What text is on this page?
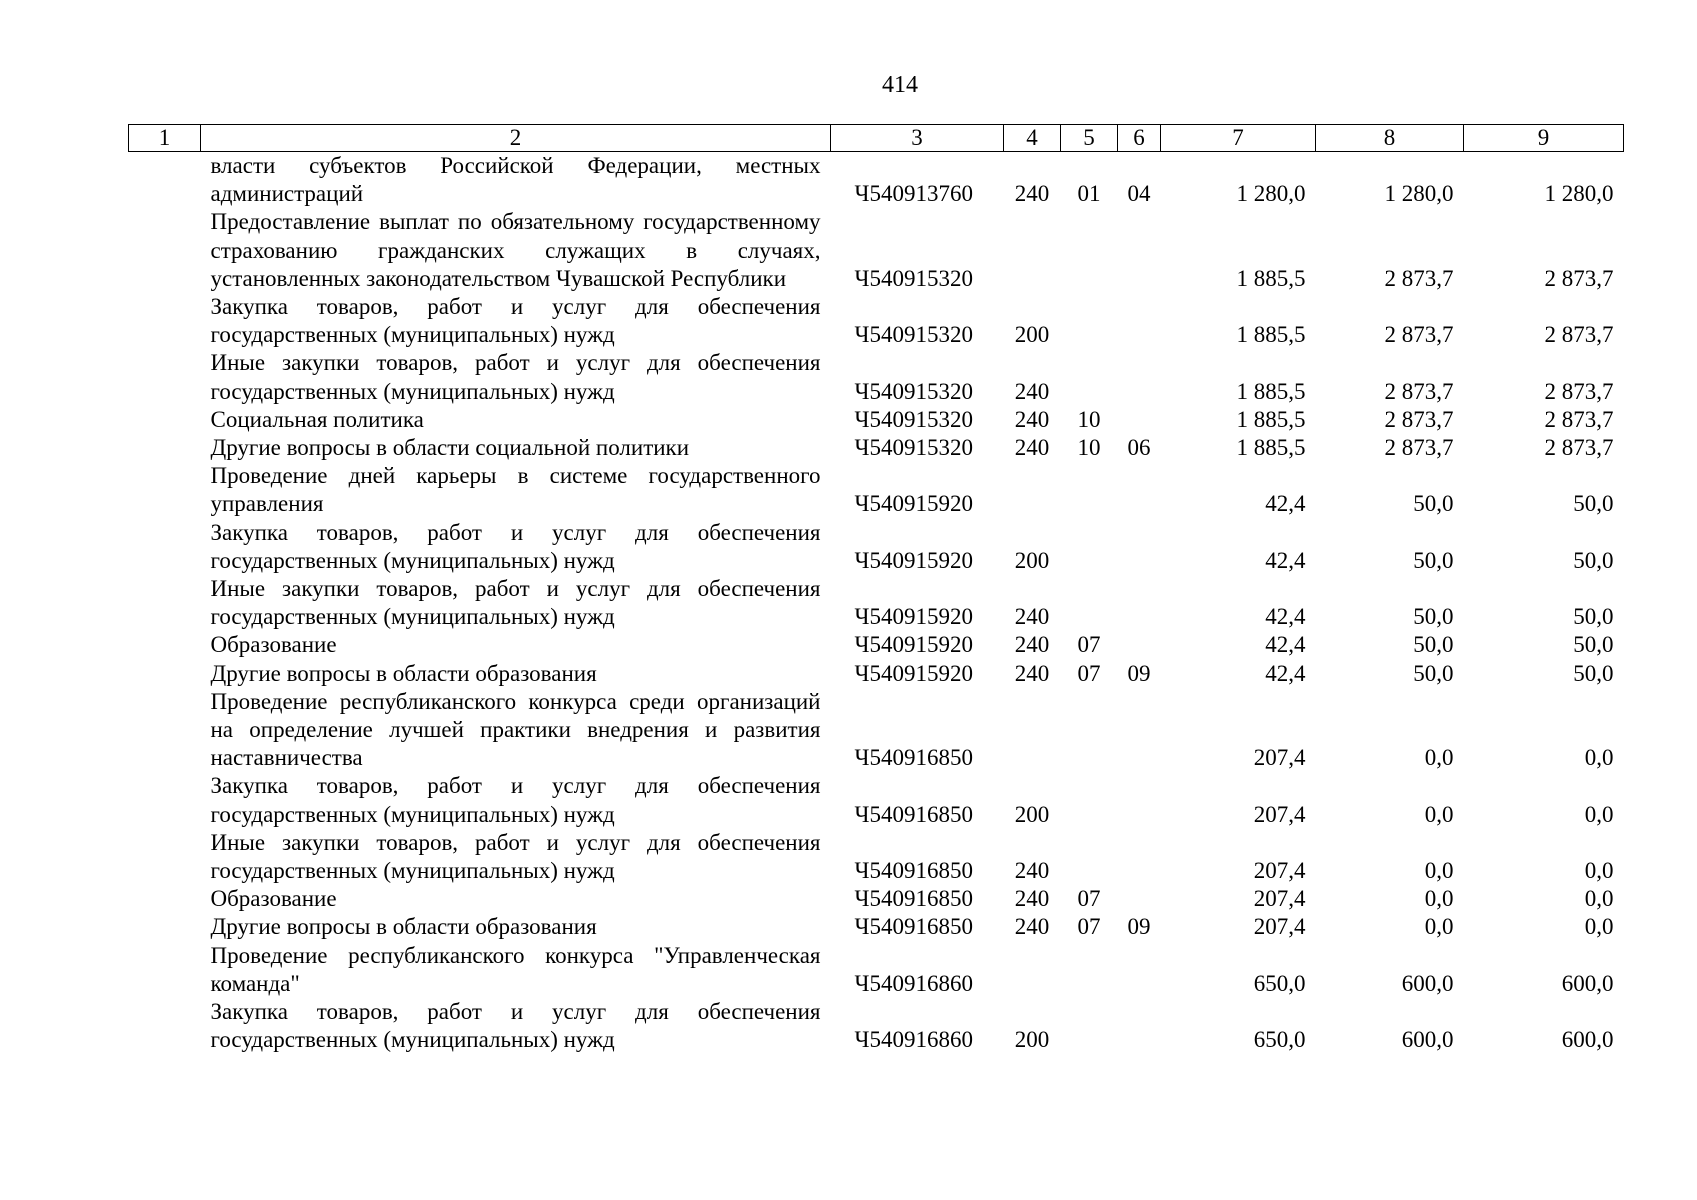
414
1	2	3	4	5	6	7	8	9
	власти субъектов Российской Федерации, местных администраций	Ч540913760	240	01	04	1 280,0	1 280,0	1 280,0
	Предоставление выплат по обязательному государственному страхованию гражданских служащих в случаях, установленных законодательством Чувашской Республики	Ч540915320				1 885,5	2 873,7	2 873,7
	Закупка товаров, работ и услуг для обеспечения государственных (муниципальных) нужд	Ч540915320	200			1 885,5	2 873,7	2 873,7
	Иные закупки товаров, работ и услуг для обеспечения государственных (муниципальных) нужд	Ч540915320	240			1 885,5	2 873,7	2 873,7
	Социальная политика	Ч540915320	240	10		1 885,5	2 873,7	2 873,7
	Другие вопросы в области социальной политики	Ч540915320	240	10	06	1 885,5	2 873,7	2 873,7
	Проведение дней карьеры в системе государственного управления	Ч540915920				42,4	50,0	50,0
	Закупка товаров, работ и услуг для обеспечения государственных (муниципальных) нужд	Ч540915920	200			42,4	50,0	50,0
	Иные закупки товаров, работ и услуг для обеспечения государственных (муниципальных) нужд	Ч540915920	240			42,4	50,0	50,0
	Образование	Ч540915920	240	07		42,4	50,0	50,0
	Другие вопросы в области образования	Ч540915920	240	07	09	42,4	50,0	50,0
	Проведение республиканского конкурса среди организаций на определение лучшей практики внедрения и развития наставничества	Ч540916850				207,4	0,0	0,0
	Закупка товаров, работ и услуг для обеспечения государственных (муниципальных) нужд	Ч540916850	200			207,4	0,0	0,0
	Иные закупки товаров, работ и услуг для обеспечения государственных (муниципальных) нужд	Ч540916850	240			207,4	0,0	0,0
	Образование	Ч540916850	240	07		207,4	0,0	0,0
	Другие вопросы в области образования	Ч540916850	240	07	09	207,4	0,0	0,0
	Проведение республиканского конкурса "Управленческая команда"	Ч540916860				650,0	600,0	600,0
	Закупка товаров, работ и услуг для обеспечения государственных (муниципальных) нужд	Ч540916860	200			650,0	600,0	600,0
